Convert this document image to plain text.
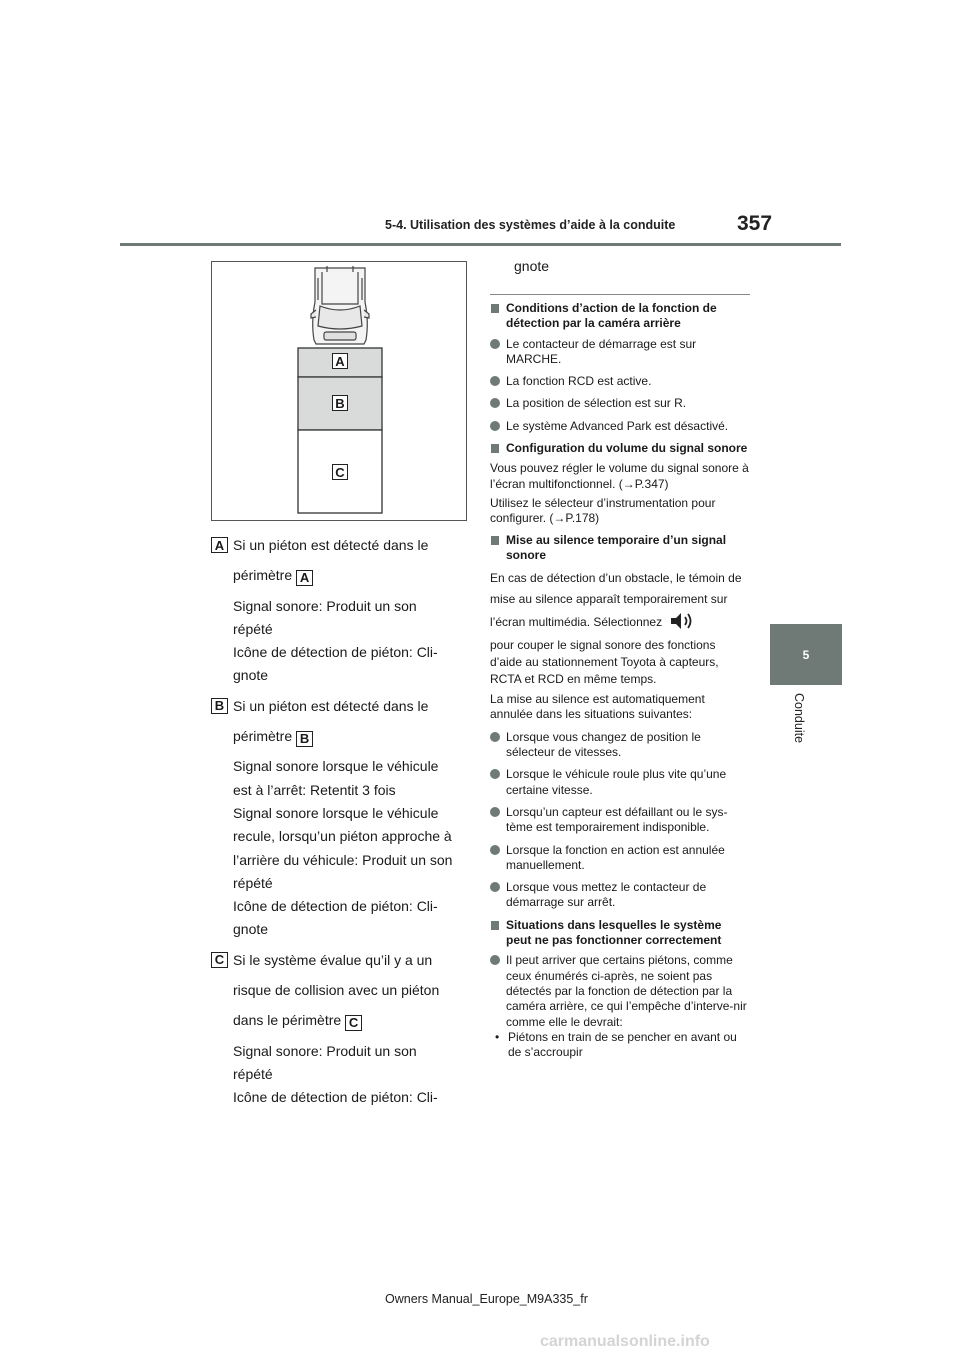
5-4. Utilisation des systèmes d’aide à la conduite	357
5
Conduite
A
B
C
A Si un piéton est détecté dans le

périmètre A

Signal sonore: Produit un son

répété

Icône de détection de piéton: Cli-

gnote

B Si un piéton est détecté dans le

périmètre B

Signal sonore lorsque le véhicule

est à l’arrêt: Retentit 3 fois

Signal sonore lorsque le véhicule

recule, lorsqu’un piéton approche à

l’arrière du véhicule: Produit un son

répété

Icône de détection de piéton: Cli-

gnote

C Si le système évalue qu’il y a un

risque de collision avec un piéton

dans le périmètre C

Signal sonore: Produit un son

répété

Icône de détection de piéton: Cli-

gnote
Conditions d’action de la fonction de détection par la caméra arrière
Le contacteur de démarrage est sur MARCHE.
La fonction RCD est active.
La position de sélection est sur R.
Le système Advanced Park est désactivé.
Configuration du volume du signal sonore

Vous pouvez régler le volume du signal sonore à l’écran multifonctionnel. (→P.347)

Utilisez le sélecteur d’instrumentation pour configurer. (→P.178)

Mise au silence temporaire d’un signal sonore

En cas de détection d’un obstacle, le témoin de mise au silence apparaît temporairement sur l’écran multimédia. Sélectionnez

pour couper le signal sonore des fonctions d’aide au stationnement Toyota à capteurs, RCTA et RCD en même temps.

La mise au silence est automatiquement annulée dans les situations suivantes:

Lorsque vous changez de position le sélecteur de vitesses.
Lorsque le véhicule roule plus vite qu’une certaine vitesse.
Lorsqu’un capteur est défaillant ou le sys-tème est temporairement indisponible.
Lorsque la fonction en action est annulée manuellement.
Lorsque vous mettez le contacteur de démarrage sur arrêt.
Situations dans lesquelles le système peut ne pas fonctionner correctement
Il peut arriver que certains piétons, comme ceux énumérés ci-après, ne soient pas détectés par la fonction de détection par la caméra arrière, ce qui l’empêche d’interve-nir comme elle le devrait:
• Piétons en train de se pencher en avant ou de s’accroupir
Owners Manual_Europe_M9A335_fr
carmanualsonline.info
